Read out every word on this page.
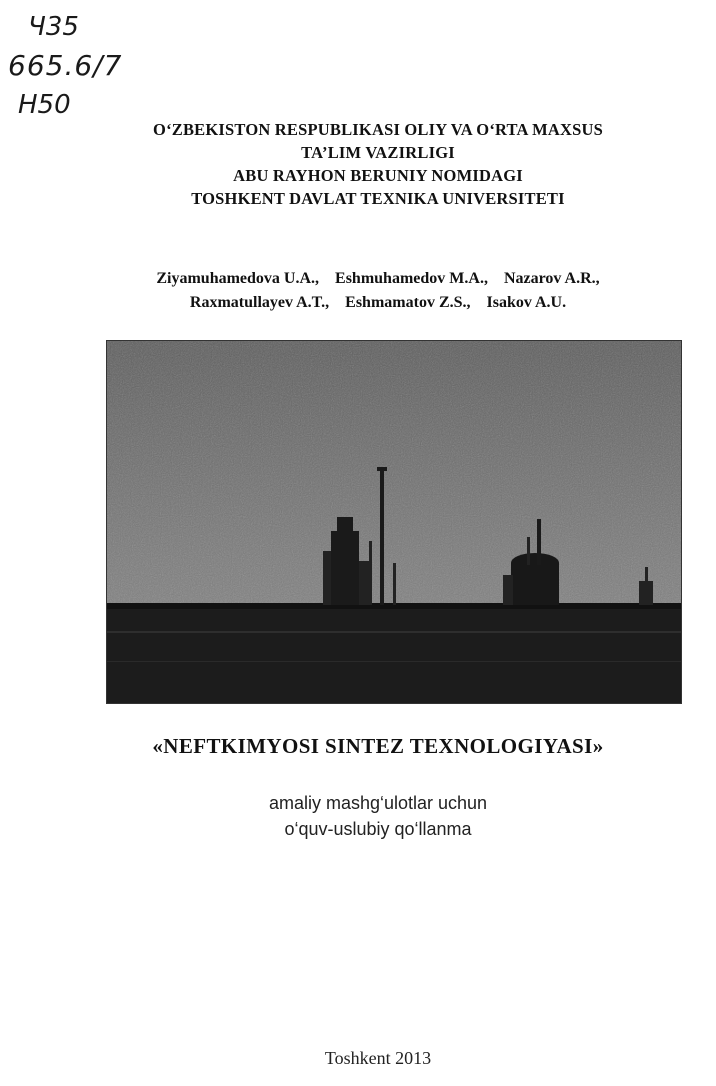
Ч35
665.6/7
Н50
O‘ZBEKISTON RESPUBLIKASI OLIY VA O‘RTA MAXSUS
TA’LIM VAZIRLIGI
ABU RAYHON BERUNIY NOMIDAGI
TOSHKENT DAVLAT TEXNIKA UNIVERSITETI
Ziyamuhamedova U.A., Eshmuhamedov M.A., Nazarov A.R.,
Raxmatullayev A.T., Eshmamatov Z.S., Isakov A.U.
«NEFTKIMYOSI SINTEZ TEXNOLOGIYASI»
amaliy mashg‘ulotlar uchun
o‘quv-uslubiy qo‘llanma
Toshkent 2013
